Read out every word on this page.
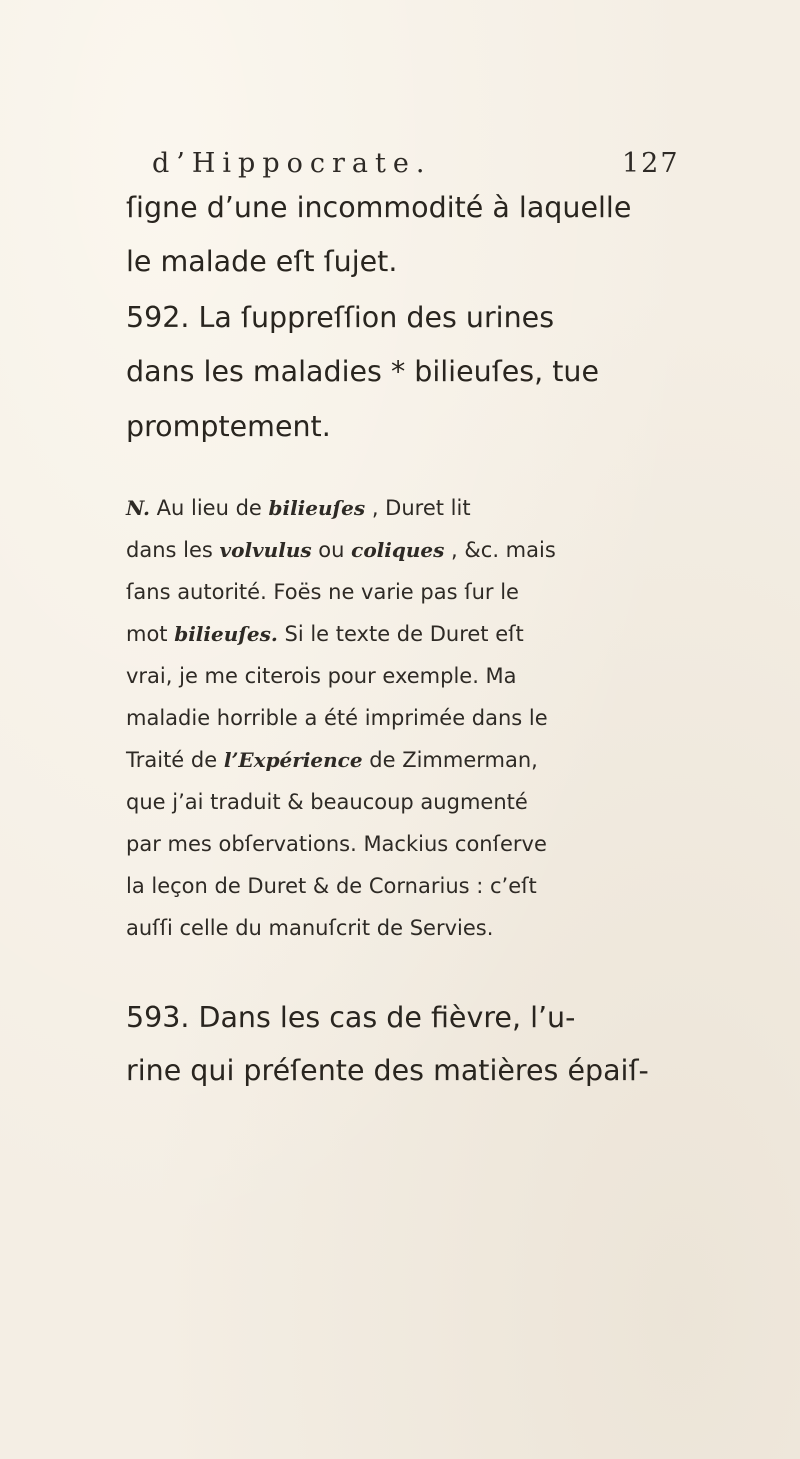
d’Hippocrate.	127
ſigne d’une incommodité à laquelle
le malade eſt ſujet.
592. La ſuppreſſion des urines
dans les maladies * bilieuſes, tue
promptement.
N. Au lieu de bilieuſes , Duret lit
dans les volvulus ou coliques , &c. mais
ſans autorité. Foës ne varie pas ſur le
mot bilieuſes. Si le texte de Duret eſt
vrai, je me citerois pour exemple. Ma
maladie horrible a été imprimée dans le
Traité de l’Expérience de Zimmerman,
que j’ai traduit & beaucoup augmenté
par mes obſervations. Mackius conſerve
la leçon de Duret & de Cornarius : c’eſt
auſſi celle du manuſcrit de Servies.
593. Dans les cas de fièvre, l’u-
rine qui préſente des matières épaiſ-
